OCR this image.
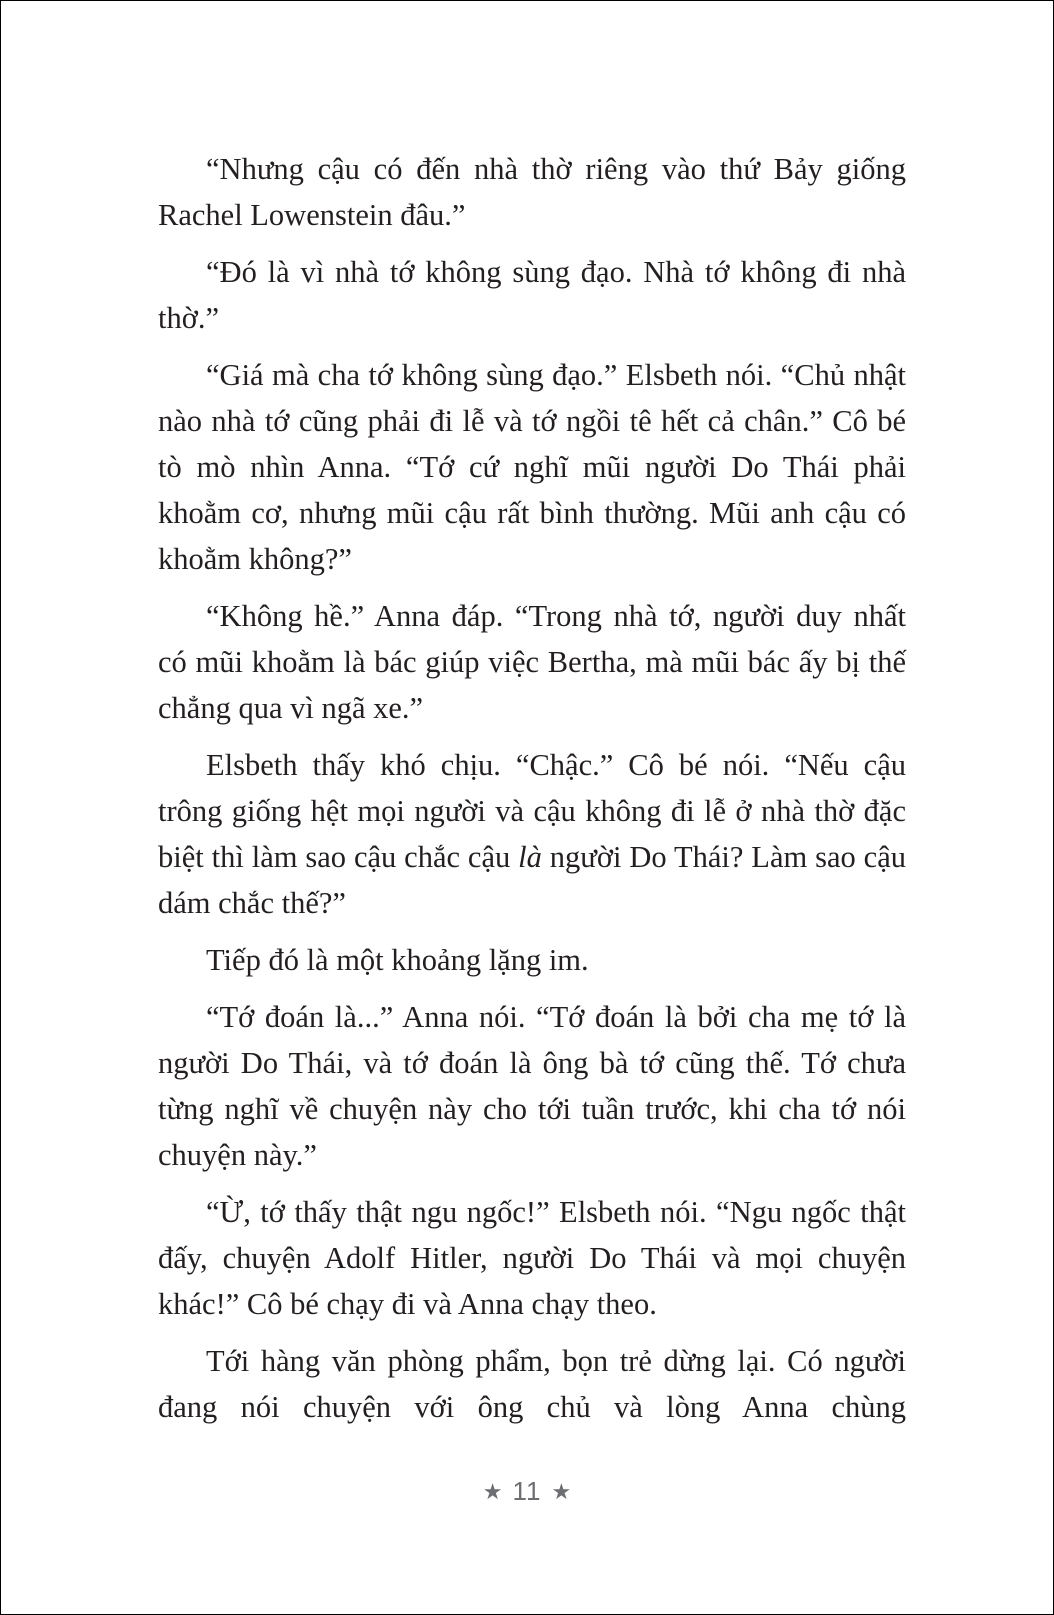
“Nhưng cậu có đến nhà thờ riêng vào thứ Bảy giống Rachel Lowenstein đâu.”

“Đó là vì nhà tớ không sùng đạo. Nhà tớ không đi nhà thờ.”

“Giá mà cha tớ không sùng đạo.” Elsbeth nói. “Chủ nhật nào nhà tớ cũng phải đi lễ và tớ ngồi tê hết cả chân.” Cô bé tò mò nhìn Anna. “Tớ cứ nghĩ mũi người Do Thái phải khoằm cơ, nhưng mũi cậu rất bình thường. Mũi anh cậu có khoằm không?”

“Không hề.” Anna đáp. “Trong nhà tớ, người duy nhất có mũi khoằm là bác giúp việc Bertha, mà mũi bác ấy bị thế chẳng qua vì ngã xe.”

Elsbeth thấy khó chịu. “Chậc.” Cô bé nói. “Nếu cậu trông giống hệt mọi người và cậu không đi lễ ở nhà thờ đặc biệt thì làm sao cậu chắc cậu là người Do Thái? Làm sao cậu dám chắc thế?”

Tiếp đó là một khoảng lặng im.

“Tớ đoán là...” Anna nói. “Tớ đoán là bởi cha mẹ tớ là người Do Thái, và tớ đoán là ông bà tớ cũng thế. Tớ chưa từng nghĩ về chuyện này cho tới tuần trước, khi cha tớ nói chuyện này.”

“Ừ, tớ thấy thật ngu ngốc!” Elsbeth nói. “Ngu ngốc thật đấy, chuyện Adolf Hitler, người Do Thái và mọi chuyện khác!” Cô bé chạy đi và Anna chạy theo.

Tới hàng văn phòng phẩm, bọn trẻ dừng lại. Có người đang nói chuyện với ông chủ và lòng Anna chùng

★ 11 ★
